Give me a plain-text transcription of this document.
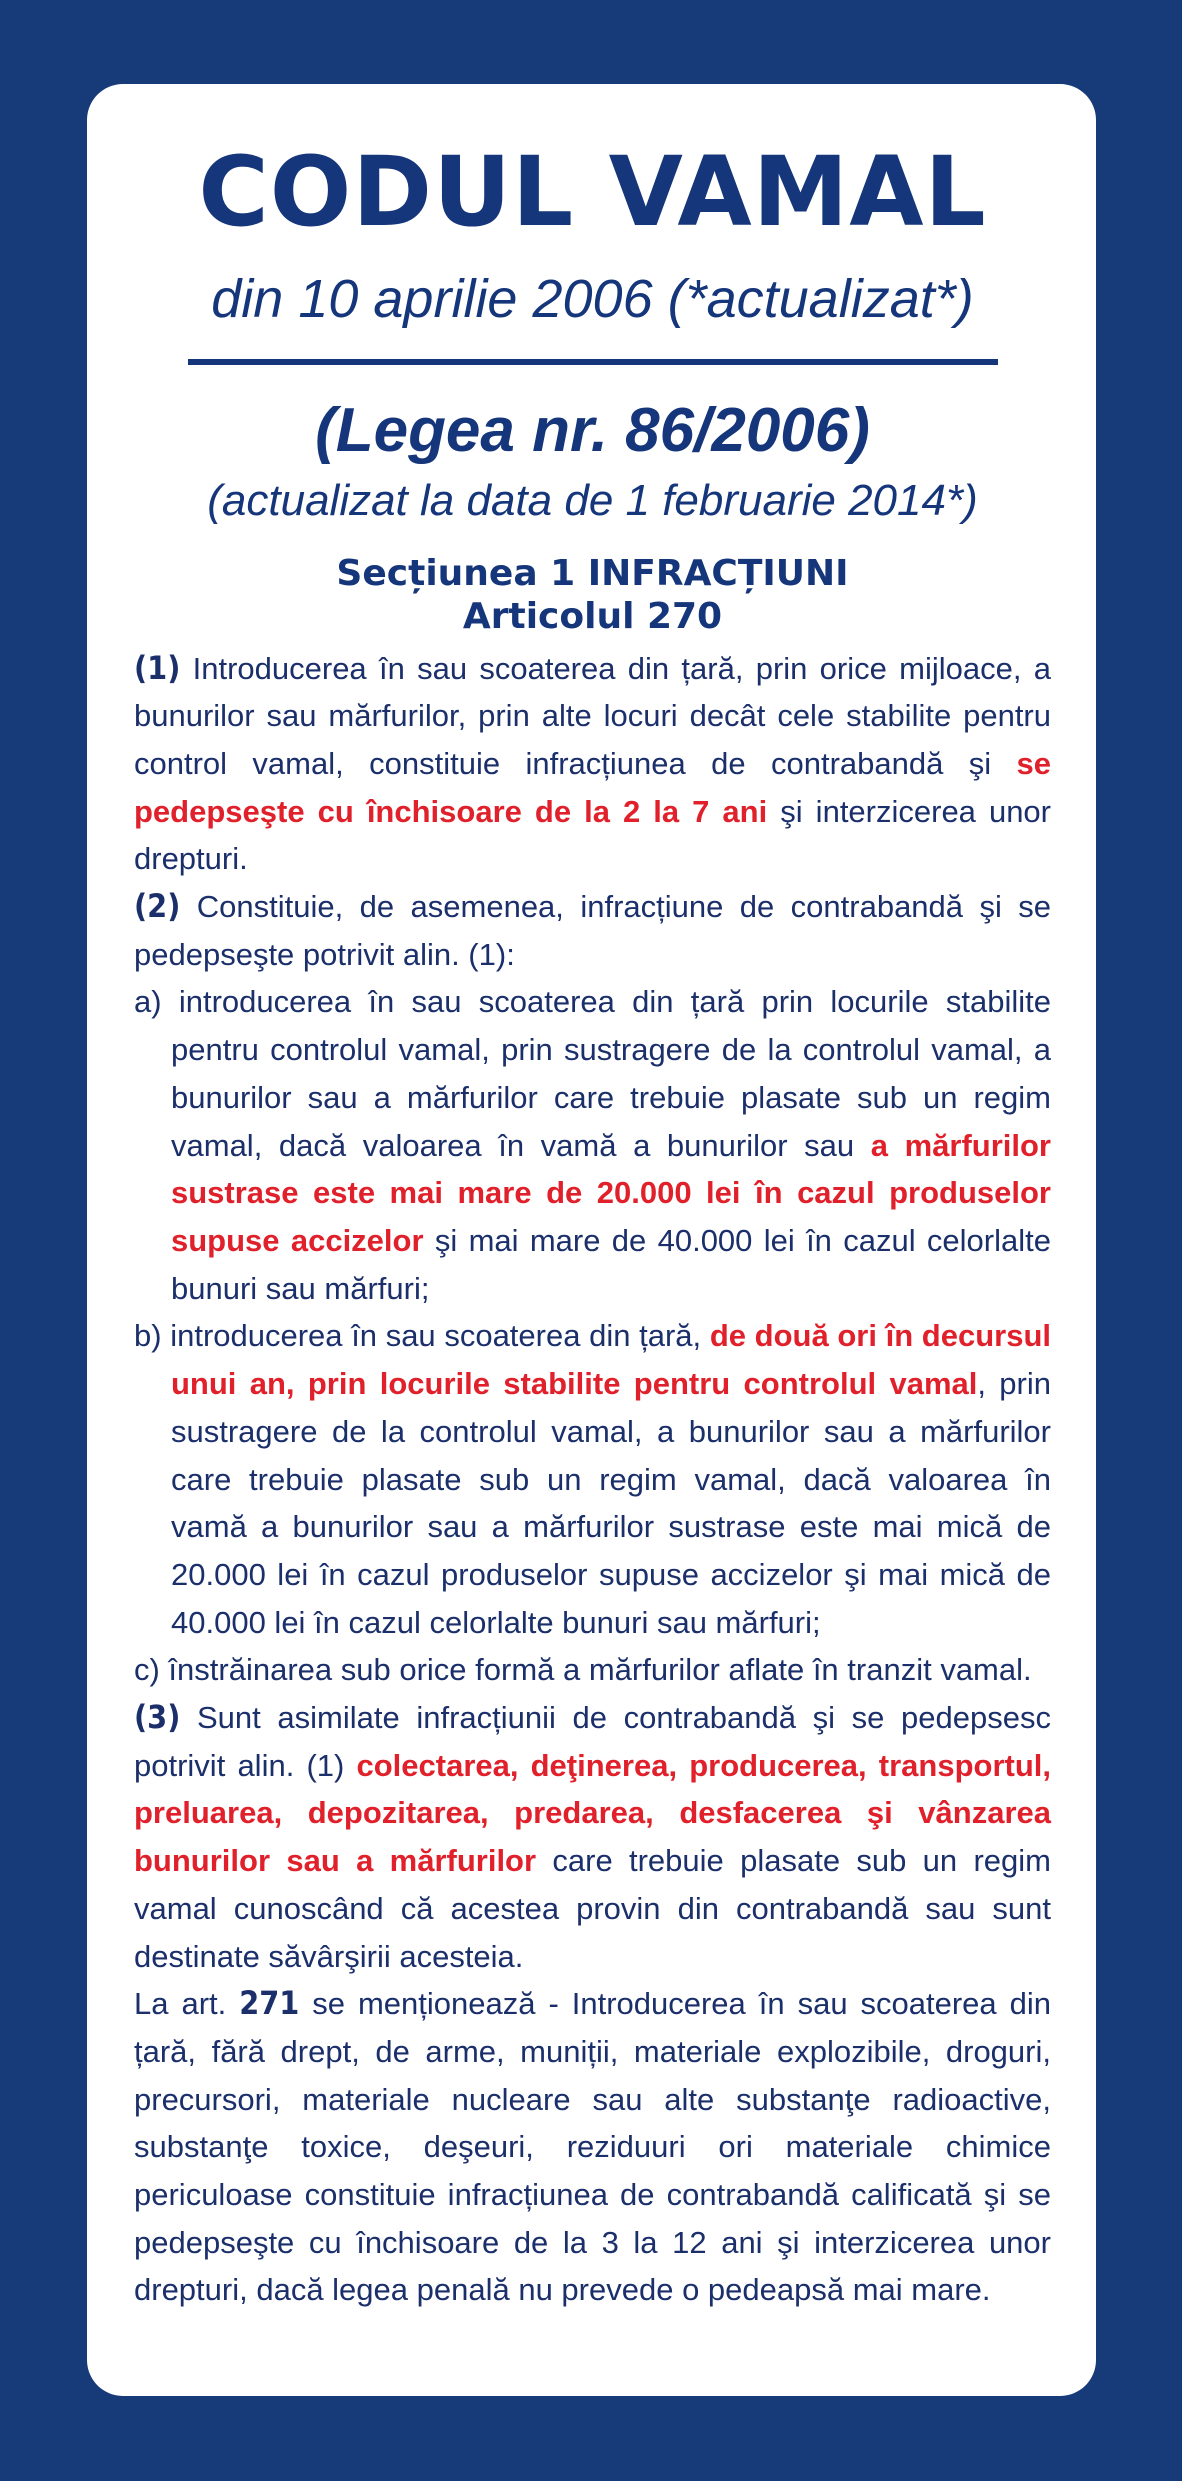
CODUL VAMAL
din 10 aprilie 2006 (*actualizat*)
(Legea nr. 86/2006)
(actualizat la data de 1 februarie 2014*)
Secțiunea 1 INFRACȚIUNI
Articolul 270

(1) Introducerea în sau scoaterea din țară, prin orice mijloace, a bunurilor sau mărfurilor, prin alte locuri decât cele stabilite pentru control vamal, constituie infracțiunea de contrabandă şi se pedepseşte cu închisoare de la 2 la 7 ani şi interzicerea unor drepturi.

(2) Constituie, de asemenea, infracțiune de contrabandă şi se pedepseşte potrivit alin. (1):

a) introducerea în sau scoaterea din țară prin locurile stabilite pentru controlul vamal, prin sustragere de la controlul vamal, a bunurilor sau a mărfurilor care trebuie plasate sub un regim vamal, dacă valoarea în vamă a bunurilor sau a mărfurilor sustrase este mai mare de 20.000 lei în cazul produselor supuse accizelor şi mai mare de 40.000 lei în cazul celorlalte bunuri sau mărfuri;

b) introducerea în sau scoaterea din țară, de două ori în decursul unui an, prin locurile stabilite pentru controlul vamal, prin sustragere de la controlul vamal, a bunurilor sau a mărfurilor care trebuie plasate sub un regim vamal, dacă valoarea în vamă a bunurilor sau a mărfurilor sustrase este mai mică de 20.000 lei în cazul produselor supuse accizelor şi mai mică de 40.000 lei în cazul celorlalte bunuri sau mărfuri;

c) înstrăinarea sub orice formă a mărfurilor aflate în tranzit vamal.

(3) Sunt asimilate infracțiunii de contrabandă şi se pedepsesc potrivit alin. (1) colectarea, deţinerea, producerea, transportul, preluarea, depozitarea, predarea, desfacerea şi vânzarea bunurilor sau a mărfurilor care trebuie plasate sub un regim vamal cunoscând că acestea provin din contrabandă sau sunt destinate săvârşirii acesteia.

La art. 271 se menționează - Introducerea în sau scoaterea din țară, fără drept, de arme, muniții, materiale explozibile, droguri, precursori, materiale nucleare sau alte substanţe radioactive, substanţe toxice, deşeuri, reziduuri ori materiale chimice periculoase constituie infracțiunea de contrabandă calificată şi se pedepseşte cu închisoare de la 3 la 12 ani şi interzicerea unor drepturi, dacă legea penală nu prevede o pedeapsă mai mare.
